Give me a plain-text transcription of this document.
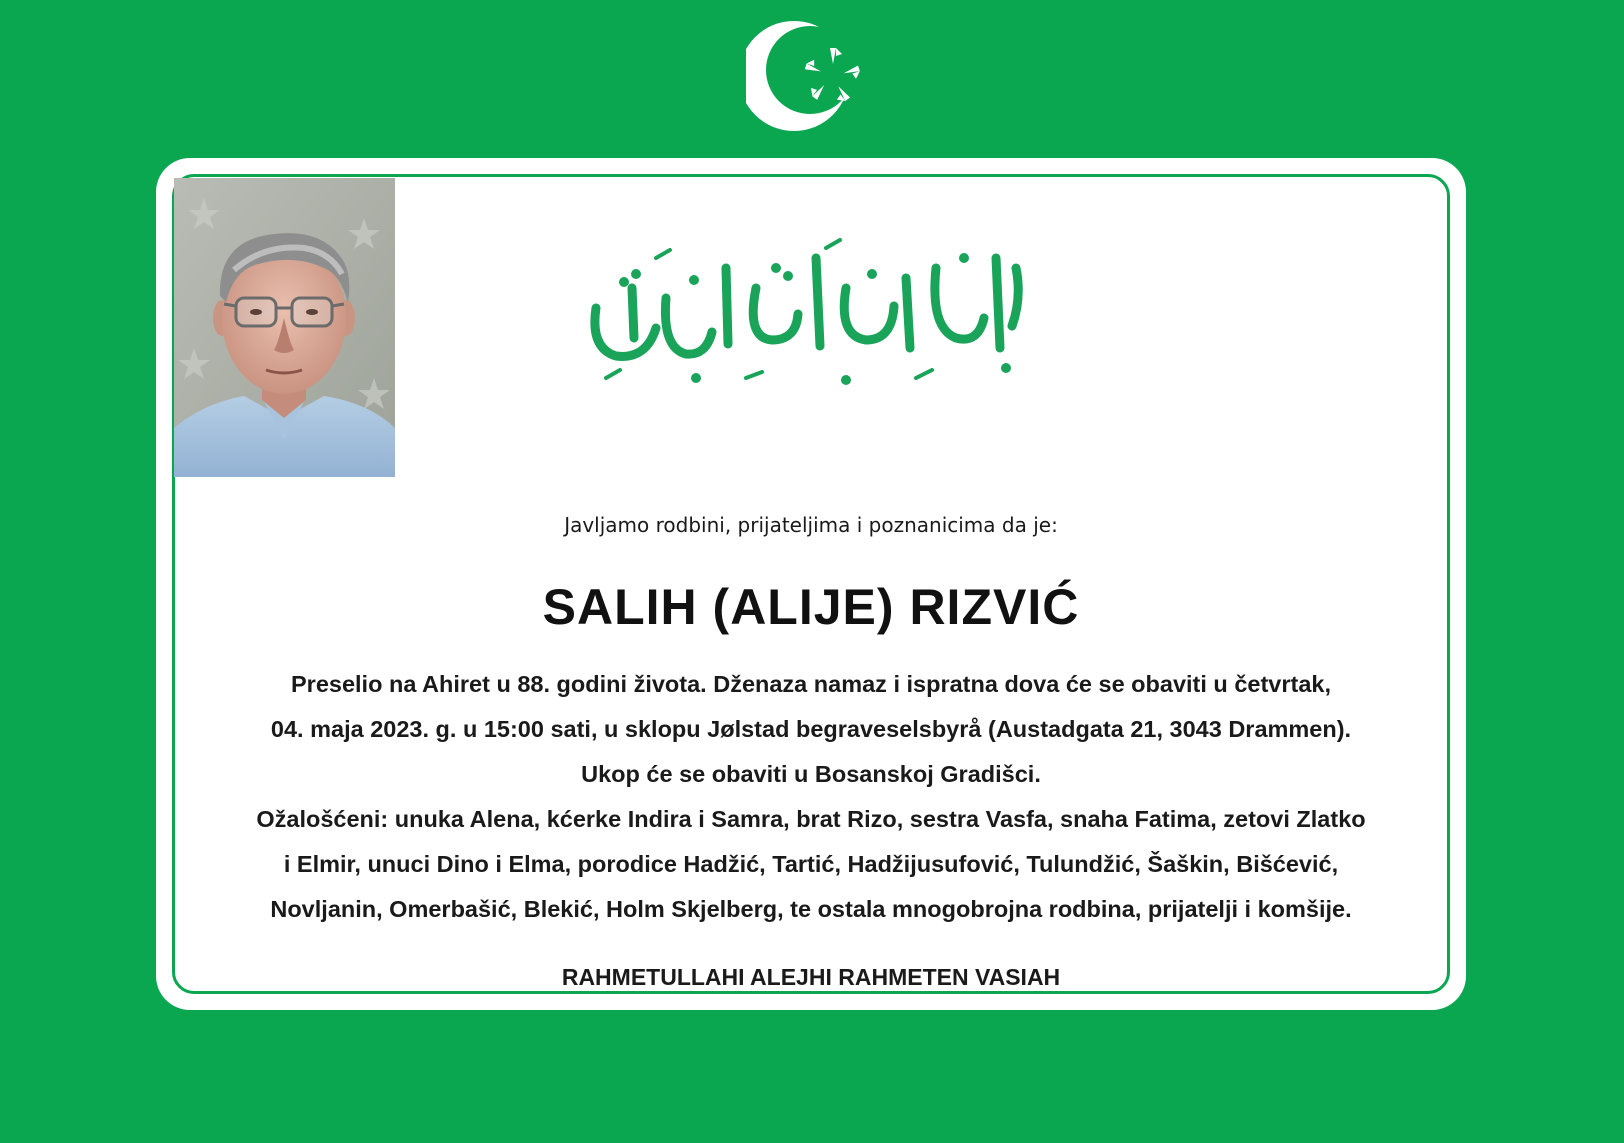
Javljamo rodbini, prijateljima i poznanicima da je:
SALIH (ALIJE) RIZVIĆ
Preselio na Ahiret u 88. godini života. Dženaza namaz i ispratna dova će se obaviti u četvrtak,
04. maja 2023. g. u 15:00 sati, u sklopu Jølstad begraveselsbyrå (Austadgata 21, 3043 Drammen).
Ukop će se obaviti u Bosanskoj Gradišci.
Ožalošćeni: unuka Alena, kćerke Indira i Samra, brat Rizo, sestra Vasfa, snaha Fatima, zetovi Zlatko
i Elmir, unuci Dino i Elma, porodice Hadžić, Tartić, Hadžijusufović, Tulundžić, Šaškin, Bišćević,
Novljanin, Omerbašić, Blekić, Holm Skjelberg, te ostala mnogobrojna rodbina, prijatelji i komšije.
RAHMETULLAHI ALEJHI RAHMETEN VASIAH
